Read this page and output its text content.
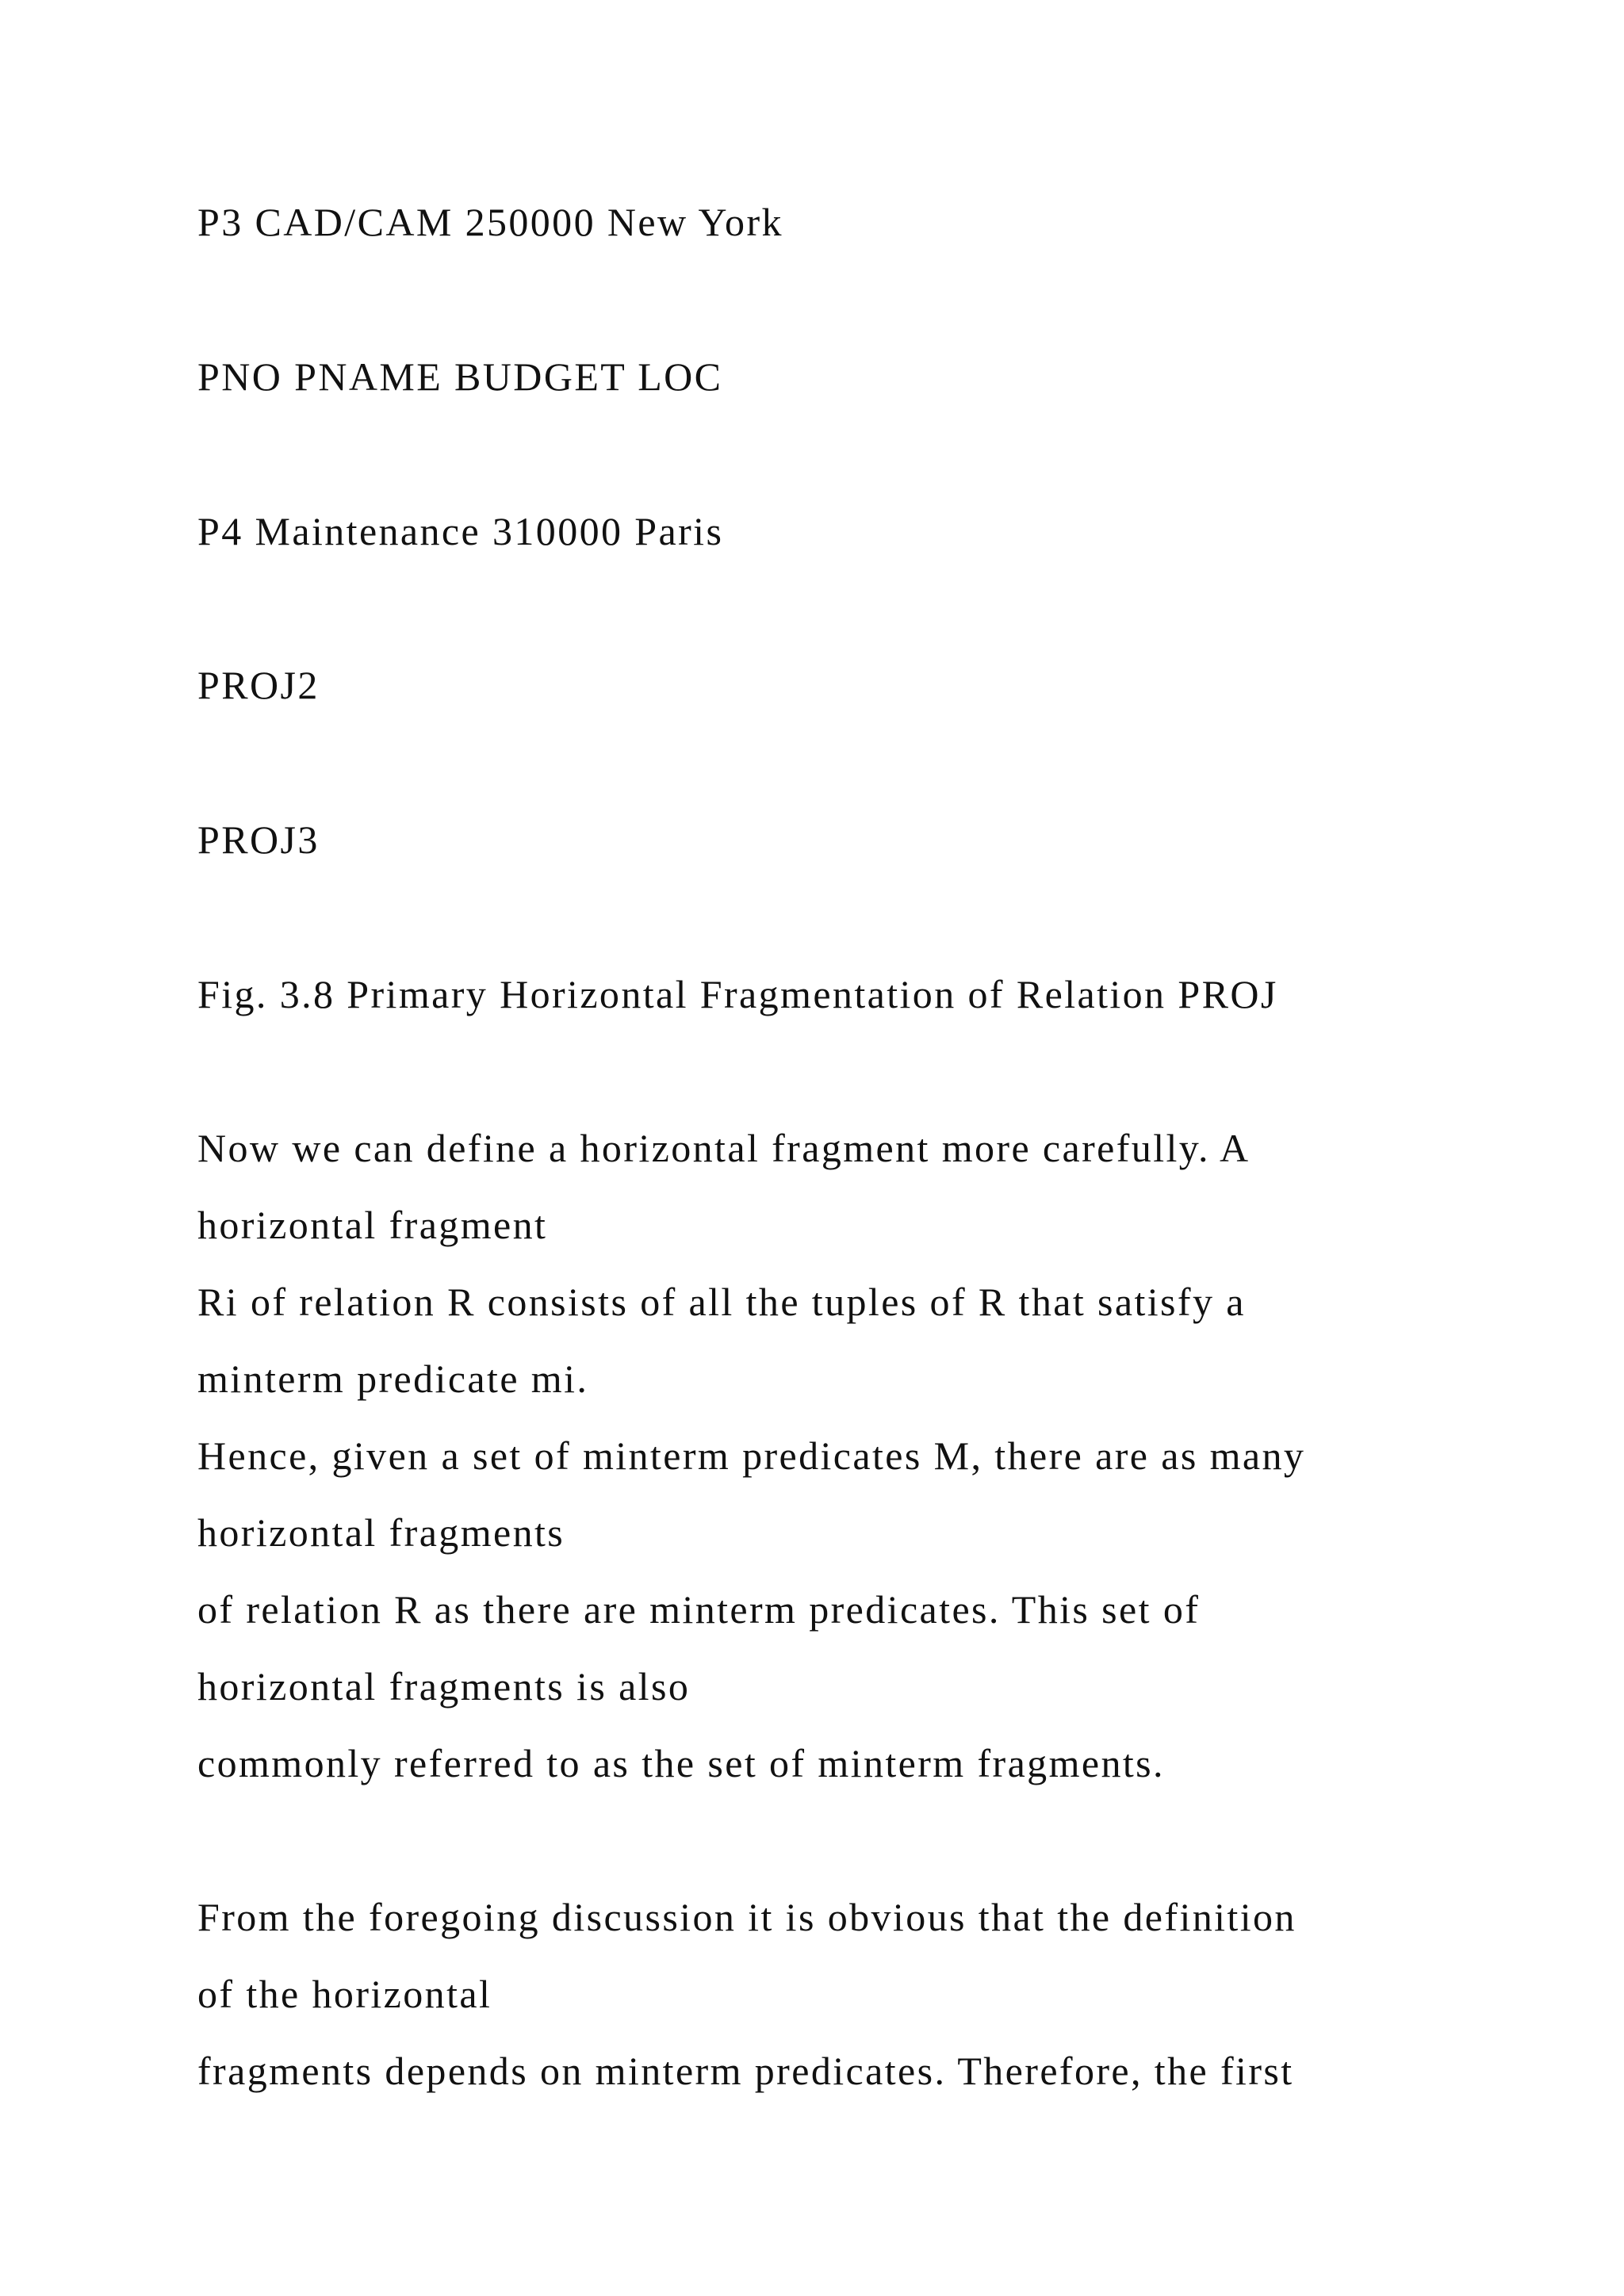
P3 CAD/CAM 250000 New York
PNO PNAME BUDGET LOC
P4 Maintenance 310000 Paris
PROJ2
PROJ3
Fig. 3.8 Primary Horizontal Fragmentation of Relation PROJ
Now we can define a horizontal fragment more carefully. A
horizontal fragment
Ri of relation R consists of all the tuples of R that satisfy a
minterm predicate mi.
Hence, given a set of minterm predicates M, there are as many
horizontal fragments
of relation R as there are minterm predicates. This set of
horizontal fragments is also
commonly referred to as the set of minterm fragments.
From the foregoing discussion it is obvious that the definition
of the horizontal
fragments depends on minterm predicates. Therefore, the first
